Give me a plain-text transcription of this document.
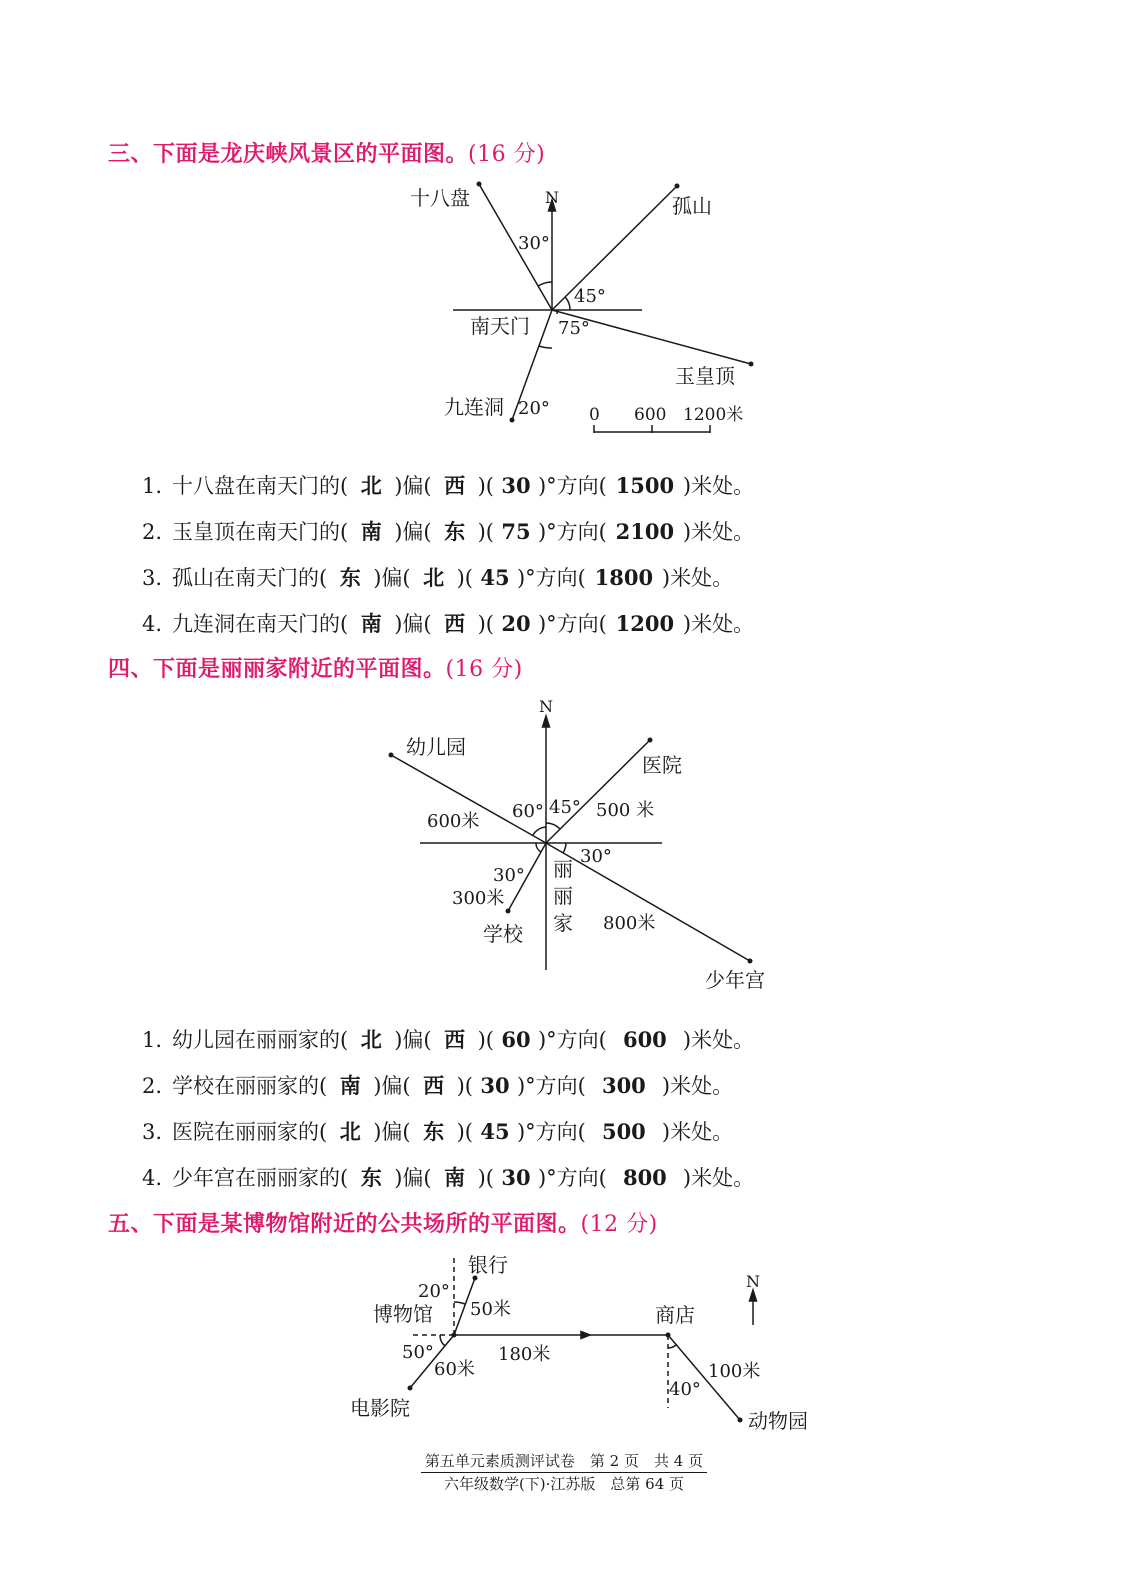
三、下面是龙庆峡风景区的平面图。(16 分)
N
十八盘	孤山
南天门
玉皇顶
九连洞
30°
45°
75°
20° 0 600 1200米
1. 十八盘在南天门的( 北 )偏( 西 )( 30 )°方向( 1500 )米处。
2. 玉皇顶在南天门的( 南 )偏( 东 )( 75 )°方向( 2100 )米处。
3. 孤山在南天门的( 东 )偏( 北 )( 45 )°方向( 1800 )米处。
4. 九连洞在南天门的( 南 )偏( 西 )( 20 )°方向( 1200 )米处。
四、下面是丽丽家附近的平面图。(16 分)
N
幼儿园
医院
600米
500 米
60° 45°
30°
30°
300米
学校
丽
丽
家 800米
少年宫
1. 幼儿园在丽丽家的( 北 )偏( 西 )( 60 )°方向( 600 )米处。
2. 学校在丽丽家的( 南 )偏( 西 )( 30 )°方向( 300 )米处。
3. 医院在丽丽家的( 北 )偏( 东 )( 45 )°方向( 500 )米处。
4. 少年宫在丽丽家的( 东 )偏( 南 )( 30 )°方向( 800 )米处。
五、下面是某博物馆附近的公共场所的平面图。(12 分)
N
银行
20°
50米
博物馆	商店
50°	180米
60米	100米
40°
电影院
动物园
第五单元素质测评试卷　第 2 页　共 4 页
六年级数学(下)·江苏版　总第 64 页
